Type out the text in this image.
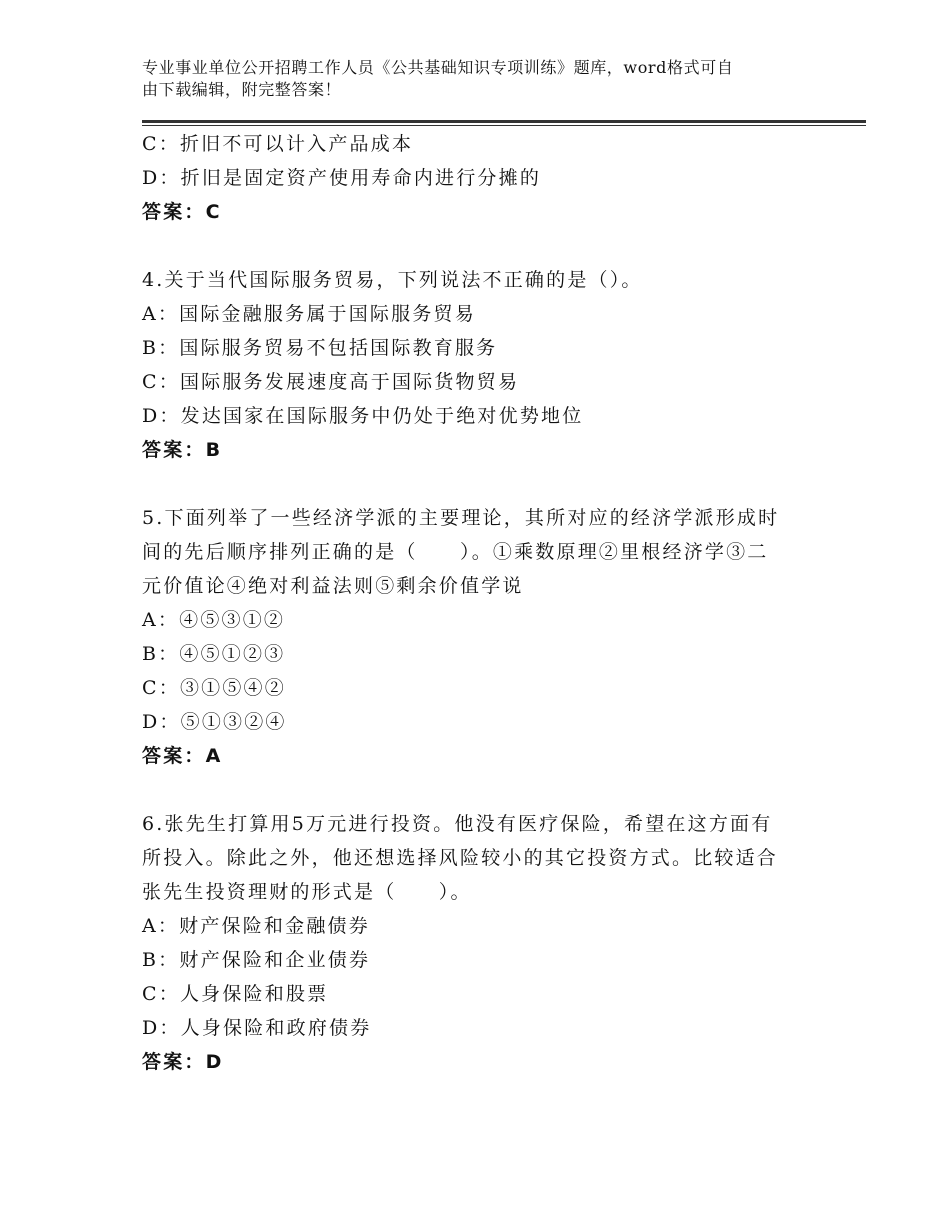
专业事业单位公开招聘工作人员《公共基础知识专项训练》题库，word格式可自
由下载编辑，附完整答案！
C：折旧不可以计入产品成本
D：折旧是固定资产使用寿命内进行分摊的
答案：C
4.关于当代国际服务贸易，下列说法不正确的是（）。
A：国际金融服务属于国际服务贸易
B：国际服务贸易不包括国际教育服务
C：国际服务发展速度高于国际货物贸易
D：发达国家在国际服务中仍处于绝对优势地位
答案：B
5.下面列举了一些经济学派的主要理论，其所对应的经济学派形成时
间的先后顺序排列正确的是（　　）。①乘数原理②里根经济学③二
元价值论④绝对利益法则⑤剩余价值学说
A：④⑤③①②
B：④⑤①②③
C：③①⑤④②
D：⑤①③②④
答案：A
6.张先生打算用5万元进行投资。他没有医疗保险，希望在这方面有
所投入。除此之外，他还想选择风险较小的其它投资方式。比较适合
张先生投资理财的形式是（　　）。
A：财产保险和金融债券
B：财产保险和企业债券
C：人身保险和股票
D：人身保险和政府债券
答案：D
